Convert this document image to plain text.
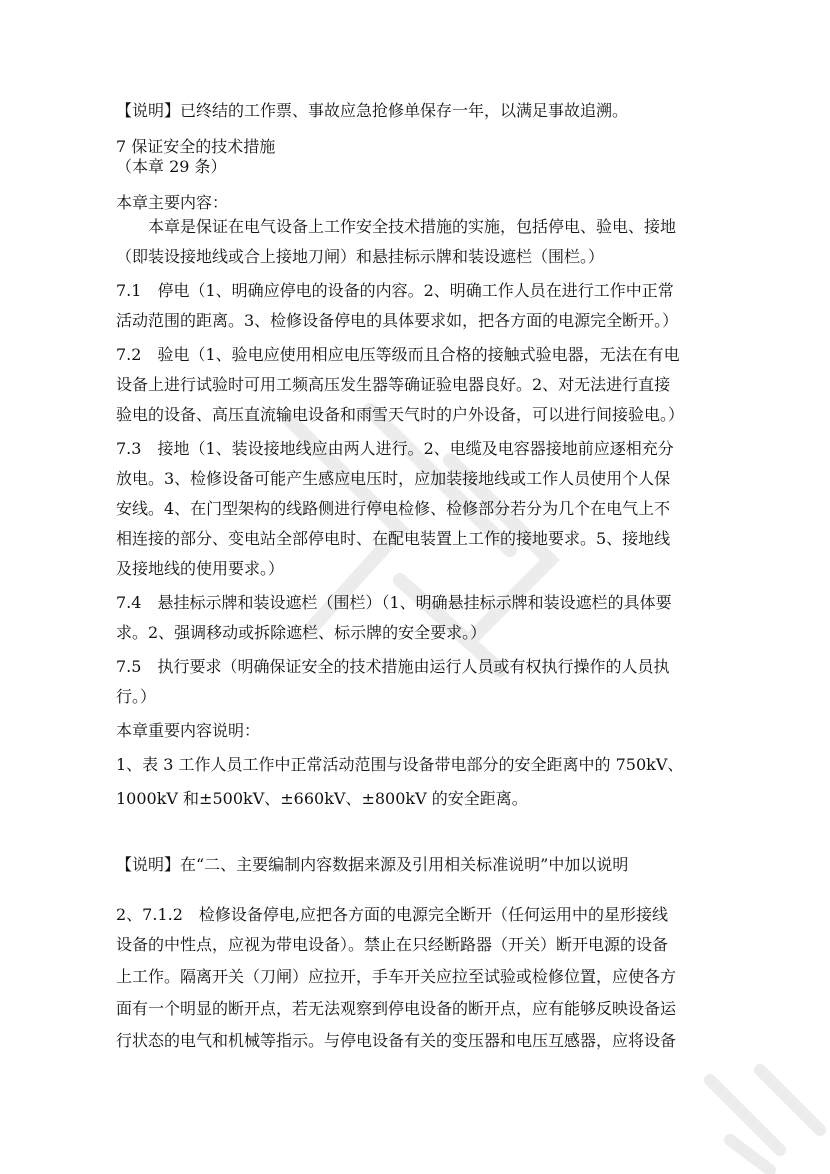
【说明】已终结的工作票、事故应急抢修单保存一年，以满足事故追溯。
7 保证安全的技术措施
（本章 29 条）
本章主要内容：
本章是保证在电气设备上工作安全技术措施的实施，包括停电、验电、接地
（即装设接地线或合上接地刀闸）和悬挂标示牌和装设遮栏（围栏。）
7.1　停电（1、明确应停电的设备的内容。2、明确工作人员在进行工作中正常
活动范围的距离。3、检修设备停电的具体要求如，把各方面的电源完全断开。）
7.2　验电（1、验电应使用相应电压等级而且合格的接触式验电器，无法在有电
设备上进行试验时可用工频高压发生器等确证验电器良好。2、对无法进行直接
验电的设备、高压直流输电设备和雨雪天气时的户外设备，可以进行间接验电。）
7.3　接地（1、装设接地线应由两人进行。2、电缆及电容器接地前应逐相充分
放电。3、检修设备可能产生感应电压时，应加装接地线或工作人员使用个人保
安线。4、在门型架构的线路侧进行停电检修、检修部分若分为几个在电气上不
相连接的部分、变电站全部停电时、在配电装置上工作的接地要求。5、接地线
及接地线的使用要求。）
7.4　悬挂标示牌和装设遮栏（围栏）（1、明确悬挂标示牌和装设遮栏的具体要
求。2、强调移动或拆除遮栏、标示牌的安全要求。）
7.5　执行要求（明确保证安全的技术措施由运行人员或有权执行操作的人员执
行。）
本章重要内容说明：
1、表 3 工作人员工作中正常活动范围与设备带电部分的安全距离中的 750kV、
1000kV 和±500kV、±660kV、±800kV 的安全距离。
【说明】在“二、主要编制内容数据来源及引用相关标准说明”中加以说明
2、7.1.2　检修设备停电,应把各方面的电源完全断开（任何运用中的星形接线
设备的中性点，应视为带电设备）。禁止在只经断路器（开关）断开电源的设备
上工作。隔离开关（刀闸）应拉开，手车开关应拉至试验或检修位置，应使各方
面有一个明显的断开点，若无法观察到停电设备的断开点，应有能够反映设备运
行状态的电气和机械等指示。与停电设备有关的变压器和电压互感器，应将设备
